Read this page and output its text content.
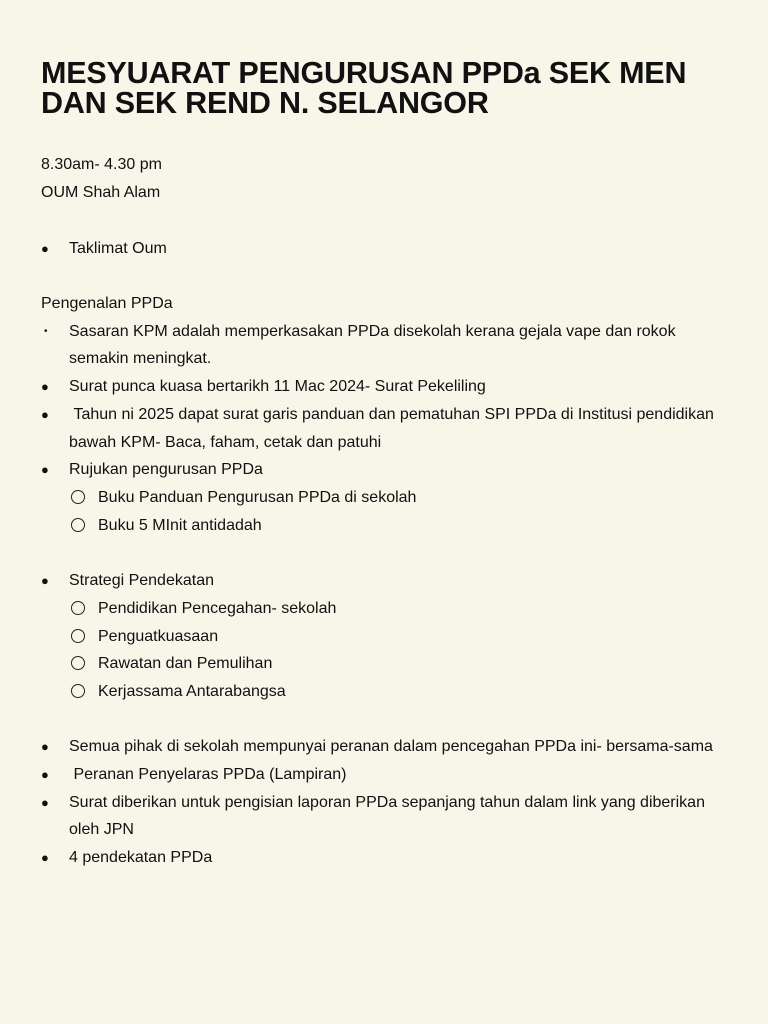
MESYUARAT PENGURUSAN PPDa SEK MEN
DAN SEK REND N. SELANGOR
8.30am- 4.30 pm
OUM Shah Alam
● Taklimat Oum
Pengenalan PPDa
•	Sasaran KPM adalah memperkasakan PPDa disekolah kerana gejala vape dan rokok semakin meningkat.
● Surat punca kuasa bertarikh 11 Mac 2024- Surat Pekeliling
● Tahun ni 2025 dapat surat garis panduan dan pematuhan SPI PPDa di Institusi pendidikan bawah KPM- Baca, faham, cetak dan patuhi
● Rujukan pengurusan PPDa
Buku Panduan Pengurusan PPDa di sekolah
Buku 5 MInit antidadah
● Strategi Pendekatan
Pendidikan Pencegahan- sekolah
Penguatkuasaan
Rawatan dan Pemulihan
Kerjassama Antarabangsa
● Semua pihak di sekolah mempunyai peranan dalam pencegahan PPDa ini- bersama-sama
● Peranan Penyelaras PPDa (Lampiran)
● Surat diberikan untuk pengisian laporan PPDa sepanjang tahun dalam link yang diberikan oleh JPN
● 4 pendekatan PPDa
